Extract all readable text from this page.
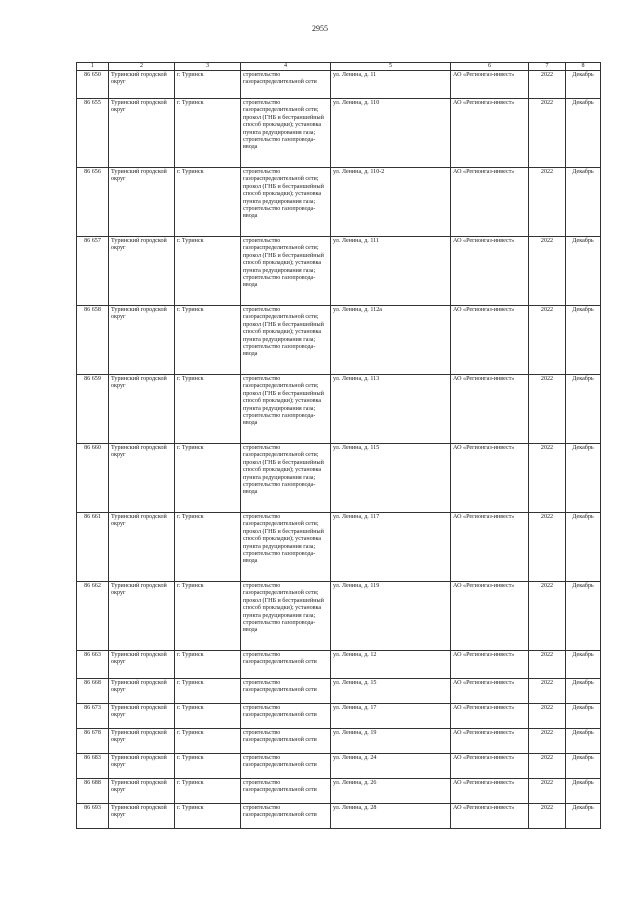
2955
1	2	3	4	5	6	7	8
86 650	Туринский городской округ	г. Туринск	строительство газораспределительной сети	ул. Ленина, д. 11	АО «Регионгаз-инвест»	2022	Декабрь
86 655	Туринский городской округ	г. Туринск	строительство газораспределительной сети; прокол (ГНБ и бестраншейный способ прокладки); установка пункта редуцирования газа; строительство газопровода-ввода	ул. Ленина, д. 110	АО «Регионгаз-инвест»	2022	Декабрь
86 656	Туринский городской округ	г. Туринск	строительство газораспределительной сети; прокол (ГНБ и бестраншейный способ прокладки); установка пункта редуцирования газа; строительство газопровода-ввода	ул. Ленина, д. 110-2	АО «Регионгаз-инвест»	2022	Декабрь
86 657	Туринский городской округ	г. Туринск	строительство газораспределительной сети; прокол (ГНБ и бестраншейный способ прокладки); установка пункта редуцирования газа; строительство газопровода-ввода	ул. Ленина, д. 111	АО «Регионгаз-инвест»	2022	Декабрь
86 658	Туринский городской округ	г. Туринск	строительство газораспределительной сети; прокол (ГНБ и бестраншейный способ прокладки); установка пункта редуцирования газа; строительство газопровода-ввода	ул. Ленина, д. 112а	АО «Регионгаз-инвест»	2022	Декабрь
86 659	Туринский городской округ	г. Туринск	строительство газораспределительной сети; прокол (ГНБ и бестраншейный способ прокладки); установка пункта редуцирования газа; строительство газопровода-ввода	ул. Ленина, д. 113	АО «Регионгаз-инвест»	2022	Декабрь
86 660	Туринский городской округ	г. Туринск	строительство газораспределительной сети; прокол (ГНБ и бестраншейный способ прокладки); установка пункта редуцирования газа; строительство газопровода-ввода	ул. Ленина, д. 115	АО «Регионгаз-инвест»	2022	Декабрь
86 661	Туринский городской округ	г. Туринск	строительство газораспределительной сети; прокол (ГНБ и бестраншейный способ прокладки); установка пункта редуцирования газа; строительство газопровода-ввода	ул. Ленина, д. 117	АО «Регионгаз-инвест»	2022	Декабрь
86 662	Туринский городской округ	г. Туринск	строительство газораспределительной сети; прокол (ГНБ и бестраншейный способ прокладки); установка пункта редуцирования газа; строительство газопровода-ввода	ул. Ленина, д. 119	АО «Регионгаз-инвест»	2022	Декабрь
86 663	Туринский городской округ	г. Туринск	строительство газораспределительной сети	ул. Ленина, д. 12	АО «Регионгаз-инвест»	2022	Декабрь
86 668	Туринский городской округ	г. Туринск	строительство газораспределительной сети	ул. Ленина, д. 15	АО «Регионгаз-инвест»	2022	Декабрь
86 673	Туринский городской округ	г. Туринск	строительство газораспределительной сети	ул. Ленина, д. 17	АО «Регионгаз-инвест»	2022	Декабрь
86 678	Туринский городской округ	г. Туринск	строительство газораспределительной сети	ул. Ленина, д. 19	АО «Регионгаз-инвест»	2022	Декабрь
86 683	Туринский городской округ	г. Туринск	строительство газораспределительной сети	ул. Ленина, д. 24	АО «Регионгаз-инвест»	2022	Декабрь
86 688	Туринский городской округ	г. Туринск	строительство газораспределительной сети	ул. Ленина, д. 26	АО «Регионгаз-инвест»	2022	Декабрь
86 693	Туринский городской округ	г. Туринск	строительство газораспределительной сети	ул. Ленина, д. 28	АО «Регионгаз-инвест»	2022	Декабрь
